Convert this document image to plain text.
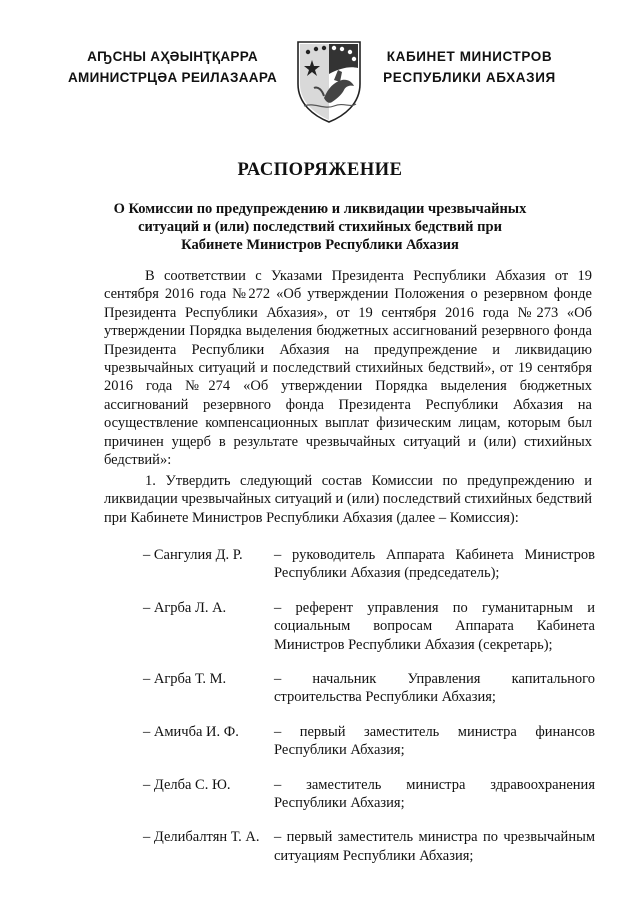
АҦСНЫ АҲӘЫНҬҚАРРА
АМИНИСТРЦӘА РЕИЛАЗААРА
КАБИНЕТ МИНИСТРОВ
РЕСПУБЛИКИ АБХАЗИЯ
РАСПОРЯЖЕНИЕ
О Комиссии по предупреждению и ликвидации чрезвычайных ситуаций и (или) последствий стихийных бедствий при Кабинете Министров Республики Абхазия

В соответствии с Указами Президента Республики Абхазия от 19 сентября 2016 года №272 «Об утверждении Положения о резервном фонде Президента Республики Абхазия», от 19 сентября 2016 года №273 «Об утверждении Порядка выделения бюджетных ассигнований резервного фонда Президента Республики Абхазия на предупреждение и ликвидацию чрезвычайных ситуаций и последствий стихийных бедствий», от 19 сентября 2016 года №274 «Об утверждении Порядка выделения бюджетных ассигнований резервного фонда Президента Республики Абхазия на осуществление компенсационных выплат физическим лицам, которым был причинен ущерб в результате чрезвычайных ситуаций и (или) стихийных бедствий»:

1. Утвердить следующий состав Комиссии по предупреждению и ликвидации чрезвычайных ситуаций и (или) последствий стихийных бедствий при Кабинете Министров Республики Абхазия (далее – Комиссия):

– Сангулия Д. Р.	– руководитель Аппарата Кабинета Министров Республики Абхазия (председатель);
– Агрба Л. А.	– референт управления по гуманитарным и социальным вопросам Аппарата Кабинета Министров Республики Абхазия (секретарь);
– Агрба Т. М.	– начальник Управления капитального строительства Республики Абхазия;
– Амичба И. Ф.	– первый заместитель министра финансов Республики Абхазия;
– Делба С. Ю.	– заместитель министра здравоохранения Республики Абхазия;
– Делибалтян Т. А. – первый заместитель министра по чрезвычайным ситуациям Республики Абхазия;
